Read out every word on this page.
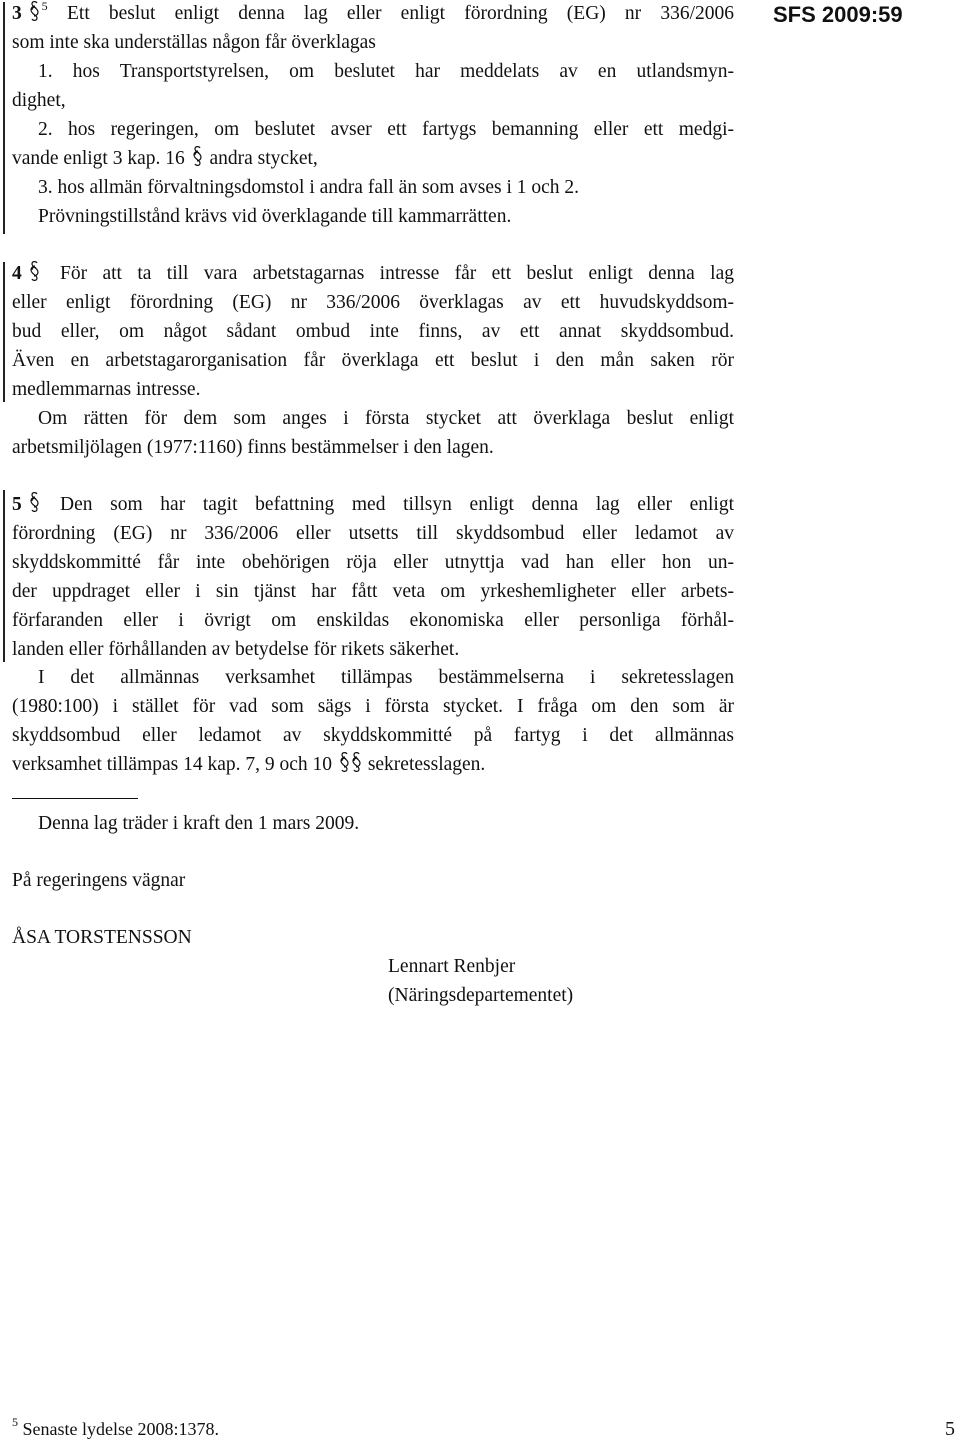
SFS 2009:59
3 $^5$ Ett beslut enligt denna lag eller enligt förordning (EG) nr 336/2006
som inte ska underställas någon får överklagas
1. hos Transportstyrelsen, om beslutet har meddelats av en utlandsmyn-
dighet,
2. hos regeringen, om beslutet avser ett fartygs bemanning eller ett medgi-
vande enligt 3 kap. 16 andra stycket,
3. hos allmän förvaltningsdomstol i andra fall än som avses i 1 och 2.
Prövningstillstånd krävs vid överklagande till kammarrätten.
4	För att ta till vara arbetstagarnas intresse får ett beslut enligt denna lag
eller enligt förordning (EG) nr 336/2006 överklagas av ett huvudskyddsom-
bud eller, om något sådant ombud inte finns, av ett annat skyddsombud.
Även en arbetstagarorganisation får överklaga ett beslut i den mån saken rör
medlemmarnas intresse.
Om rätten för dem som anges i första stycket att överklaga beslut enligt
arbetsmiljölagen (1977:1160) finns bestämmelser i den lagen.
5	Den som har tagit befattning med tillsyn enligt denna lag eller enligt
förordning (EG) nr 336/2006 eller utsetts till skyddsombud eller ledamot av
skyddskommitté får inte obehörigen röja eller utnyttja vad han eller hon un-
der uppdraget eller i sin tjänst har fått veta om yrkeshemligheter eller arbets-
förfaranden eller i övrigt om enskildas ekonomiska eller personliga förhål-
landen eller förhållanden av betydelse för rikets säkerhet.
I det allmännas verksamhet tillämpas bestämmelserna i sekretesslagen
(1980:100) i stället för vad som sägs i första stycket. I fråga om den som är
skyddsombud eller ledamot av skyddskommitté på fartyg i det allmännas
verksamhet tillämpas 14 kap. 7, 9 och 10 sekretesslagen.
Denna lag träder i kraft den 1 mars 2009.
På regeringens vägnar
ÅSA TORSTENSSON
Lennart Renbjer
(Näringsdepartementet)
$^5$ Senaste lydelse 2008:1378.	5
